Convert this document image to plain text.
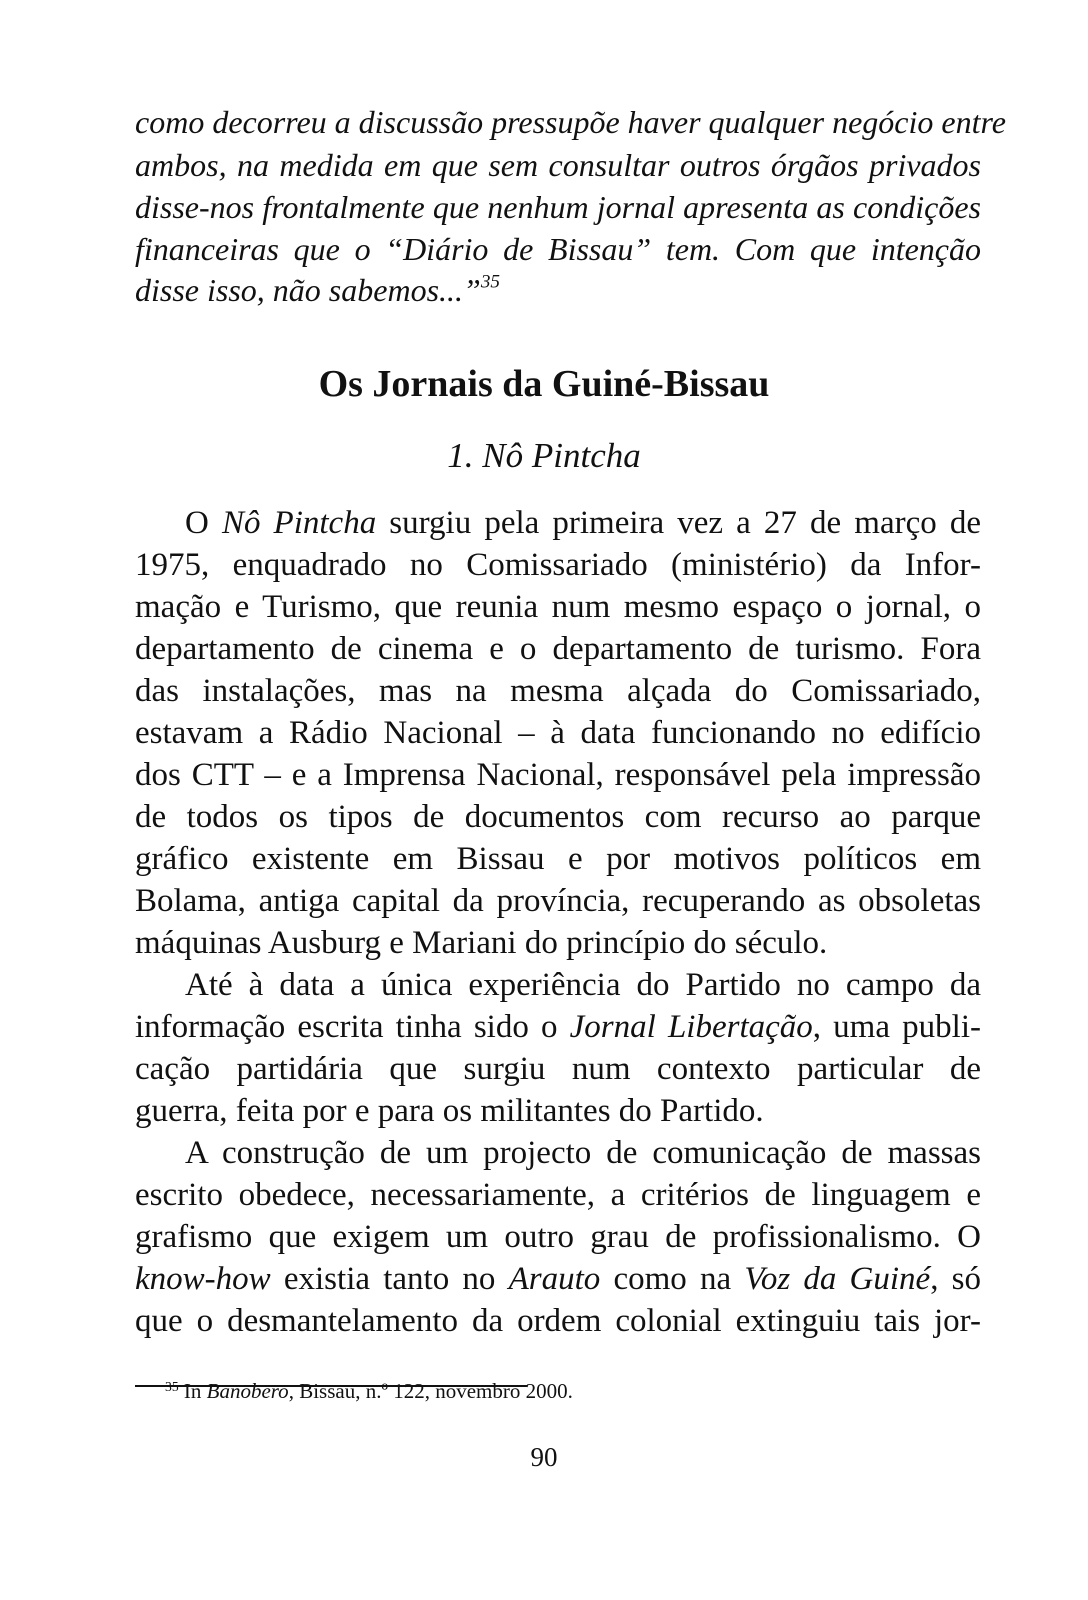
como decorreu a discussão pressupõe haver qualquer negócio entre
ambos, na medida em que sem consultar outros órgãos privados
disse-nos frontalmente que nenhum jornal apresenta as condições
financeiras que o “Diário de Bissau” tem. Com que intenção
disse isso, não sabemos...”$^{35}$
Os Jornais da Guiné-Bissau
1. Nô Pintcha
O Nô Pintcha surgiu pela primeira vez a 27 de março de
1975, enquadrado no Comissariado (ministério) da Infor-
mação e Turismo, que reunia num mesmo espaço o jornal, o
departamento de cinema e o departamento de turismo. Fora
das instalações, mas na mesma alçada do Comissariado,
estavam a Rádio Nacional – à data funcionando no edifício
dos CTT – e a Imprensa Nacional, responsável pela impressão
de todos os tipos de documentos com recurso ao parque
gráfico existente em Bissau e por motivos políticos em
Bolama, antiga capital da província, recuperando as obsoletas
máquinas Ausburg e Mariani do princípio do século.
Até à data a única experiência do Partido no campo da
informação escrita tinha sido o Jornal Libertação, uma publi-
cação partidária que surgiu num contexto particular de
guerra, feita por e para os militantes do Partido.
A construção de um projecto de comunicação de massas
escrito obedece, necessariamente, a critérios de linguagem e
grafismo que exigem um outro grau de profissionalismo. O
know-how existia tanto no Arauto como na Voz da Guiné, só
que o desmantelamento da ordem colonial extinguiu tais jor-
$^{35}$ In Banobero, Bissau, n.º 122, novembro 2000.
90
